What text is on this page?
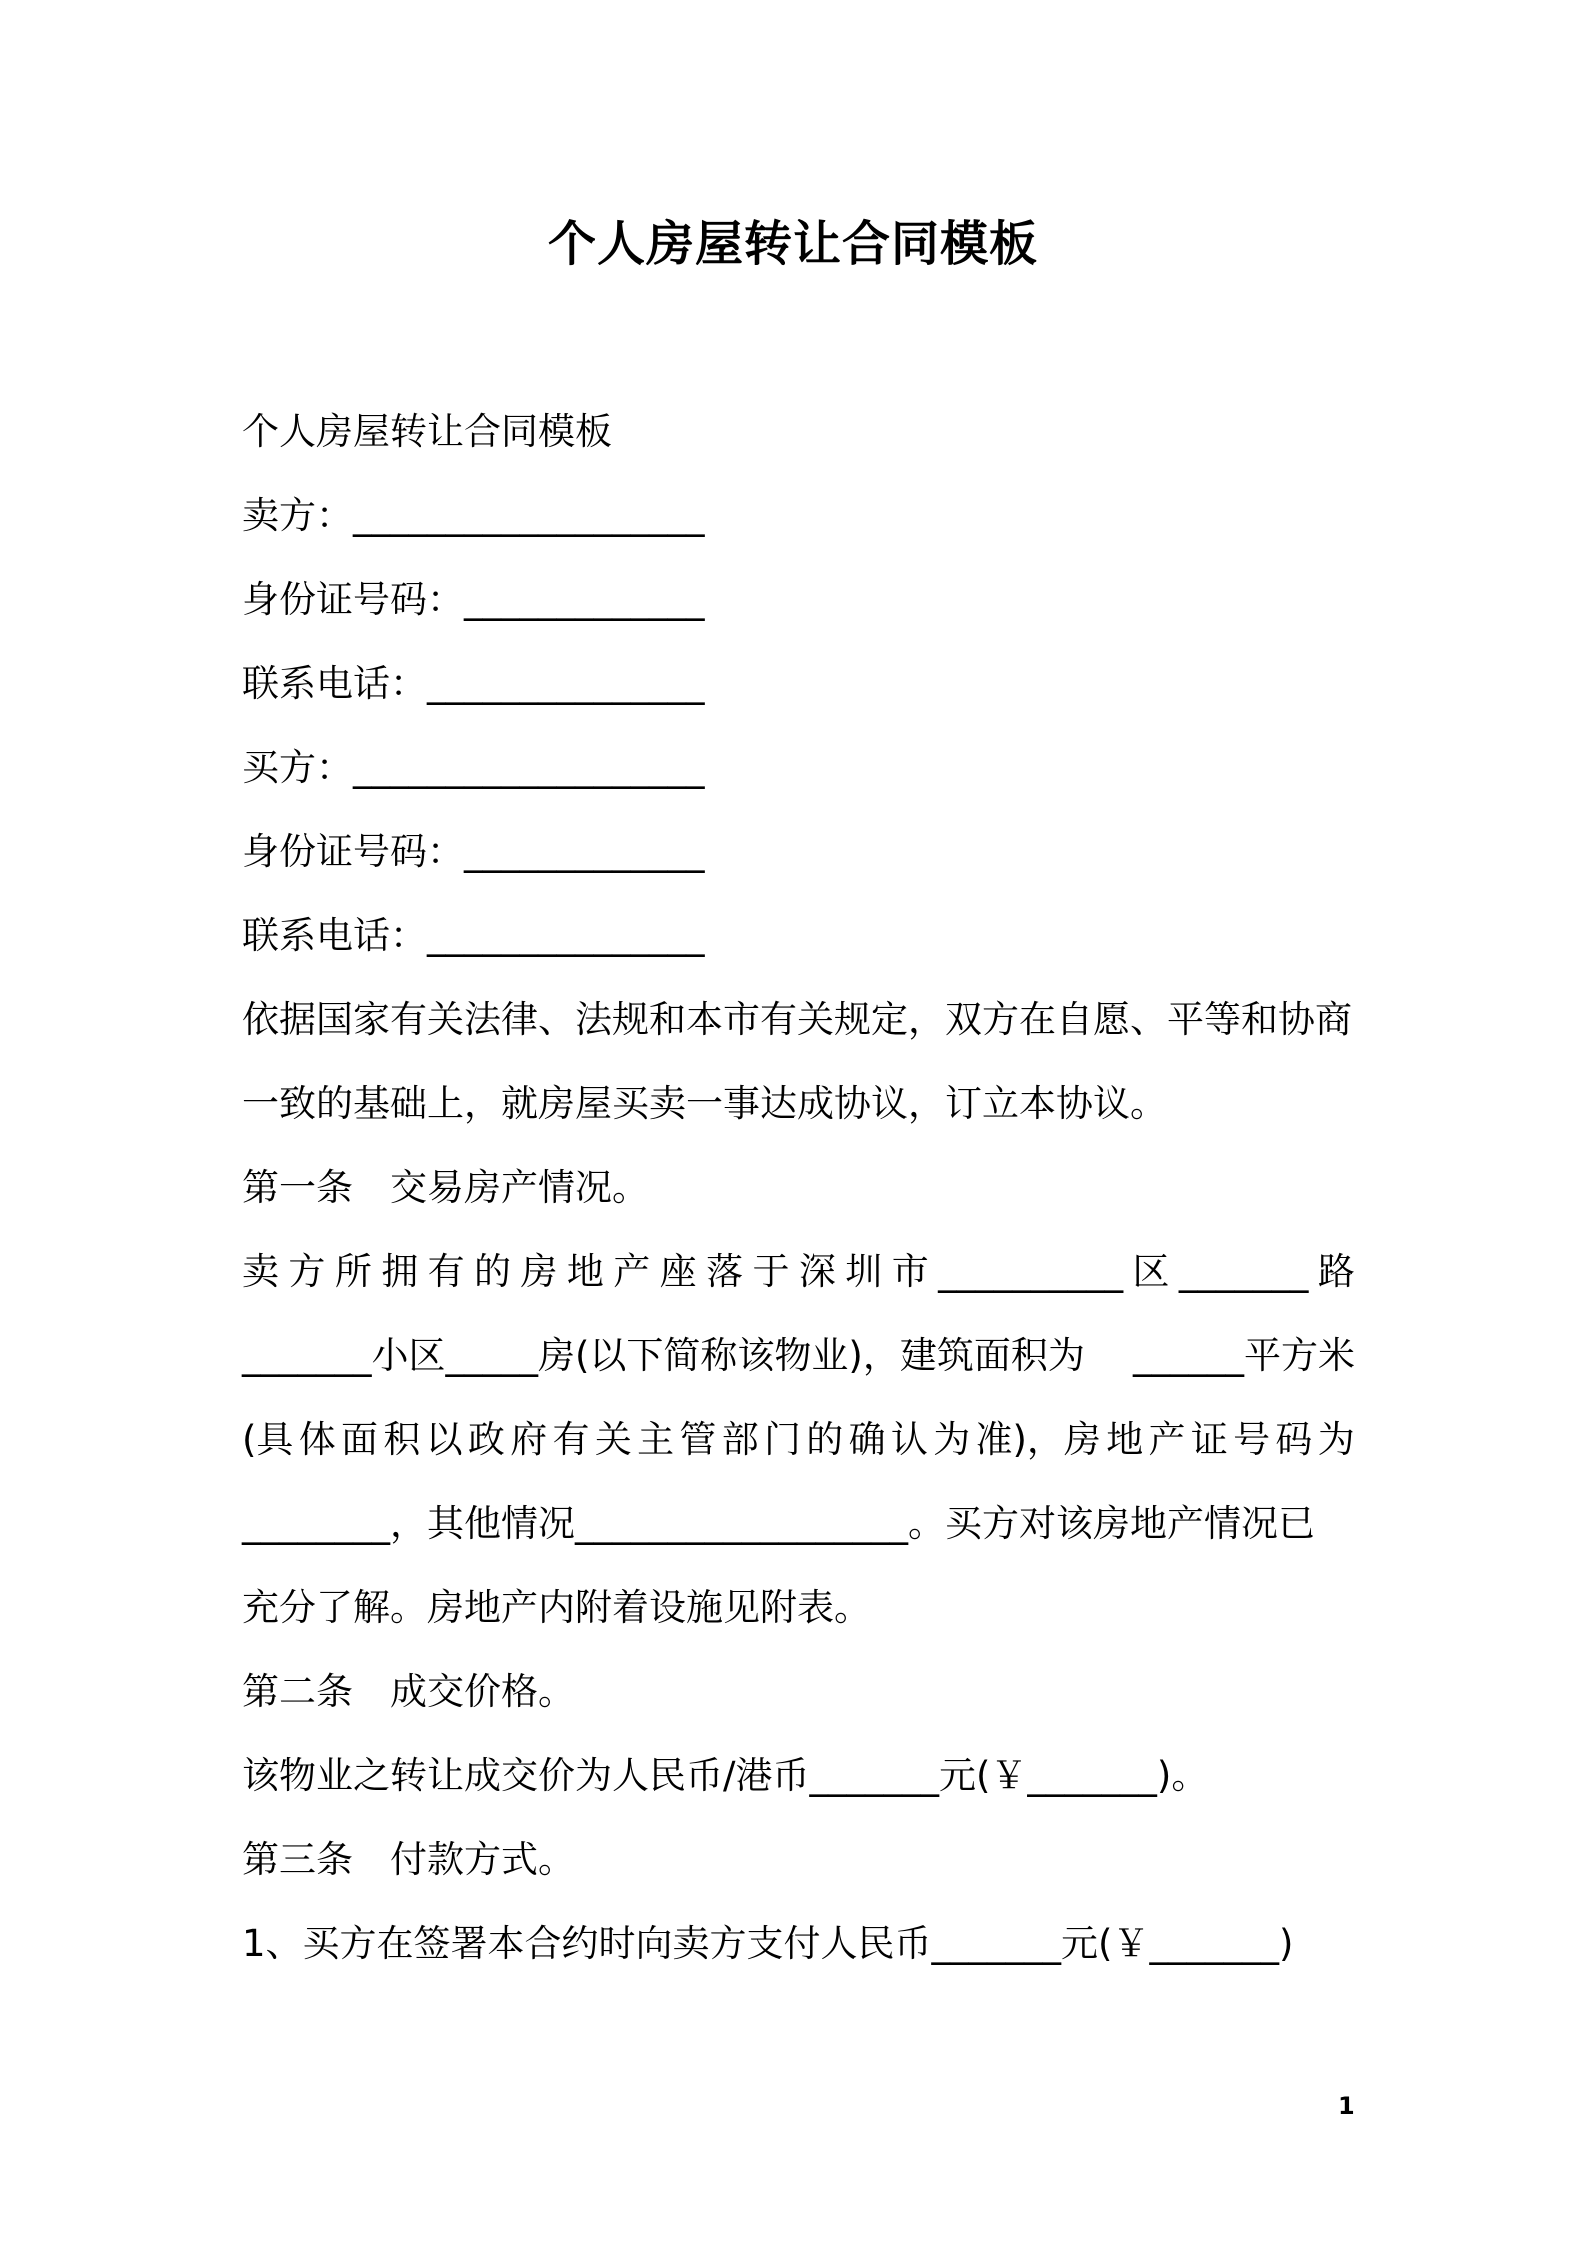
个人房屋转让合同模板
个人房屋转让合同模板
卖方：___________________
身份证号码：_____________
联系电话：_______________
买方：___________________
身份证号码：_____________
联系电话：_______________
依据国家有关法律、法规和本市有关规定，双方在自愿、平等和协商
一致的基础上，就房屋买卖一事达成协议，订立本协议。
第一条　交易房产情况。
卖 方 所 拥 有 的 房 地 产 座 落 于 深 圳 市 __________ 区 _______ 路
_______小区_____房(以下简称该物业)，建筑面积为 ______平方米
(具 体 面 积 以 政 府 有 关 主 管 部 门 的 确 认 为 准)，房 地 产 证 号 码 为
________，其他情况__________________。买方对该房地产情况已
充分了解。房地产内附着设施见附表。
第二条　成交价格。
该物业之转让成交价为人民币/港币_______元(￥_______)。
第三条　付款方式。
1、买方在签署本合约时向卖方支付人民币_______元(￥_______)
1
